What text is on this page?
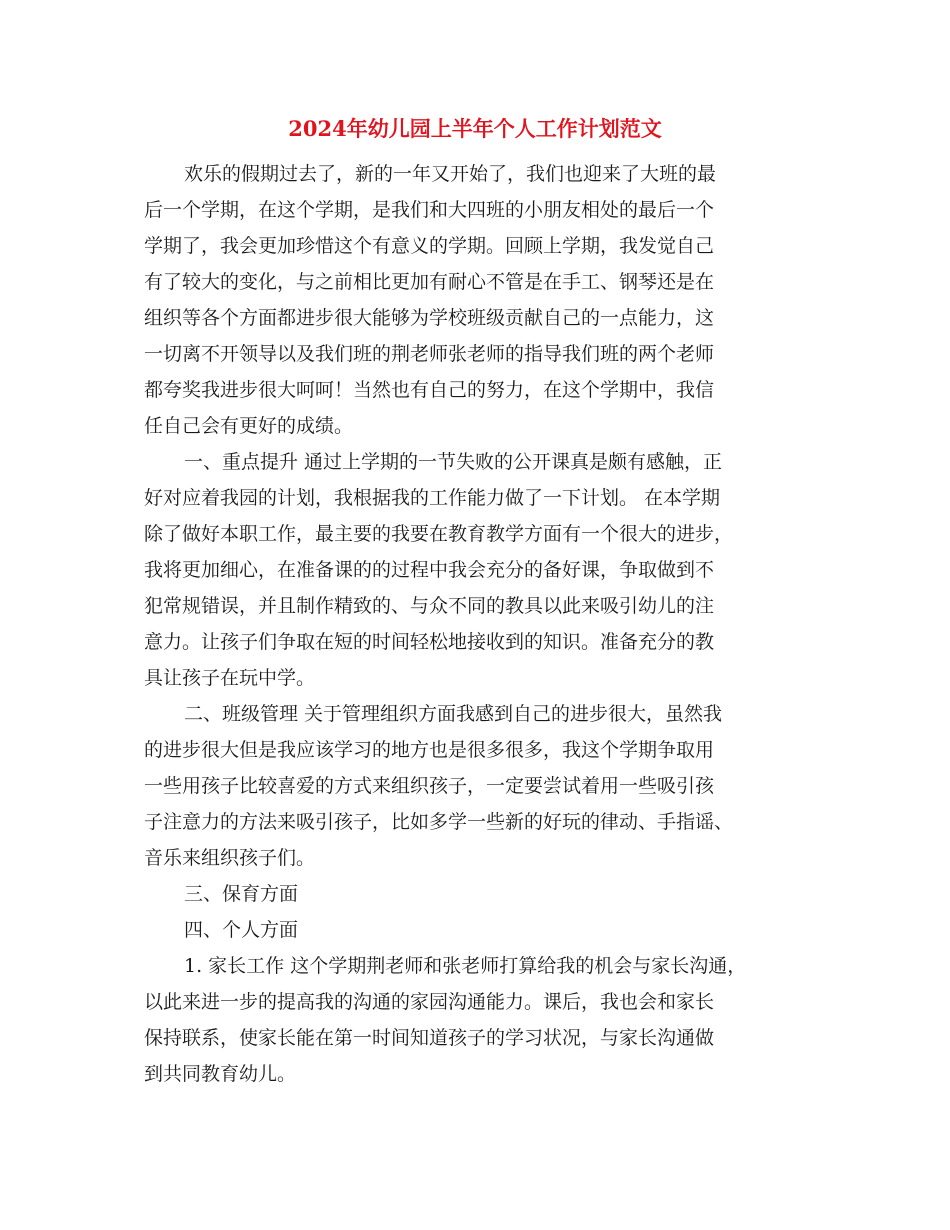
2024年幼儿园上半年个人工作计划范文
欢乐的假期过去了，新的一年又开始了，我们也迎来了大班的最
后一个学期，在这个学期，是我们和大四班的小朋友相处的最后一个
学期了，我会更加珍惜这个有意义的学期。回顾上学期，我发觉自己
有了较大的变化，与之前相比更加有耐心不管是在手工、钢琴还是在
组织等各个方面都进步很大能够为学校班级贡献自己的一点能力，这
一切离不开领导以及我们班的荆老师张老师的指导我们班的两个老师
都夸奖我进步很大呵呵！当然也有自己的努力，在这个学期中，我信
任自己会有更好的成绩。
一、重点提升 通过上学期的一节失败的公开课真是颇有感触，正
好对应着我园的计划，我根据我的工作能力做了一下计划。 在本学期
除了做好本职工作，最主要的我要在教育教学方面有一个很大的进步，
我将更加细心，在准备课的的过程中我会充分的备好课，争取做到不
犯常规错误，并且制作精致的、与众不同的教具以此来吸引幼儿的注
意力。让孩子们争取在短的时间轻松地接收到的知识。准备充分的教
具让孩子在玩中学。
二、班级管理 关于管理组织方面我感到自己的进步很大，虽然我
的进步很大但是我应该学习的地方也是很多很多，我这个学期争取用
一些用孩子比较喜爱的方式来组织孩子，一定要尝试着用一些吸引孩
子注意力的方法来吸引孩子，比如多学一些新的好玩的律动、手指谣、
音乐来组织孩子们。
三、保育方面
四、个人方面
1. 家长工作 这个学期荆老师和张老师打算给我的机会与家长沟通，
以此来进一步的提高我的沟通的家园沟通能力。课后，我也会和家长
保持联系，使家长能在第一时间知道孩子的学习状况，与家长沟通做
到共同教育幼儿。
